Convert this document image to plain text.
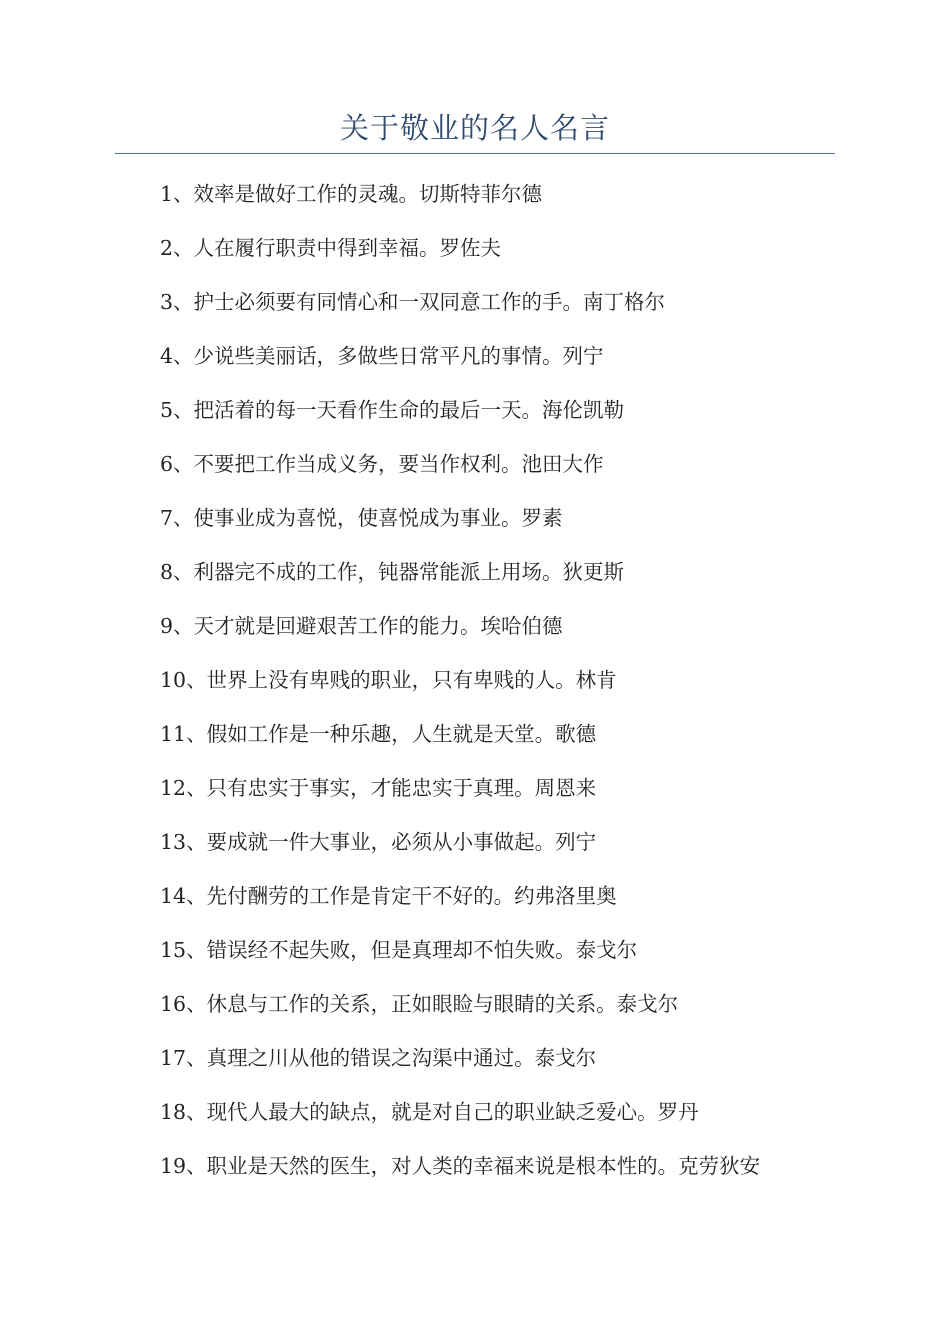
关于敬业的名人名言
1、效率是做好工作的灵魂。切斯特菲尔德
2、人在履行职责中得到幸福。罗佐夫
3、护士必须要有同情心和一双同意工作的手。南丁格尔
4、少说些美丽话，多做些日常平凡的事情。列宁
5、把活着的每一天看作生命的最后一天。海伦凯勒
6、不要把工作当成义务，要当作权利。池田大作
7、使事业成为喜悦，使喜悦成为事业。罗素
8、利器完不成的工作，钝器常能派上用场。狄更斯
9、天才就是回避艰苦工作的能力。埃哈伯德
10、世界上没有卑贱的职业，只有卑贱的人。林肯
11、假如工作是一种乐趣，人生就是天堂。歌德
12、只有忠实于事实，才能忠实于真理。周恩来
13、要成就一件大事业，必须从小事做起。列宁
14、先付酬劳的工作是肯定干不好的。约弗洛里奥
15、错误经不起失败，但是真理却不怕失败。泰戈尔
16、休息与工作的关系，正如眼睑与眼睛的关系。泰戈尔
17、真理之川从他的错误之沟渠中通过。泰戈尔
18、现代人最大的缺点，就是对自己的职业缺乏爱心。罗丹
19、职业是天然的医生，对人类的幸福来说是根本性的。克劳狄安
